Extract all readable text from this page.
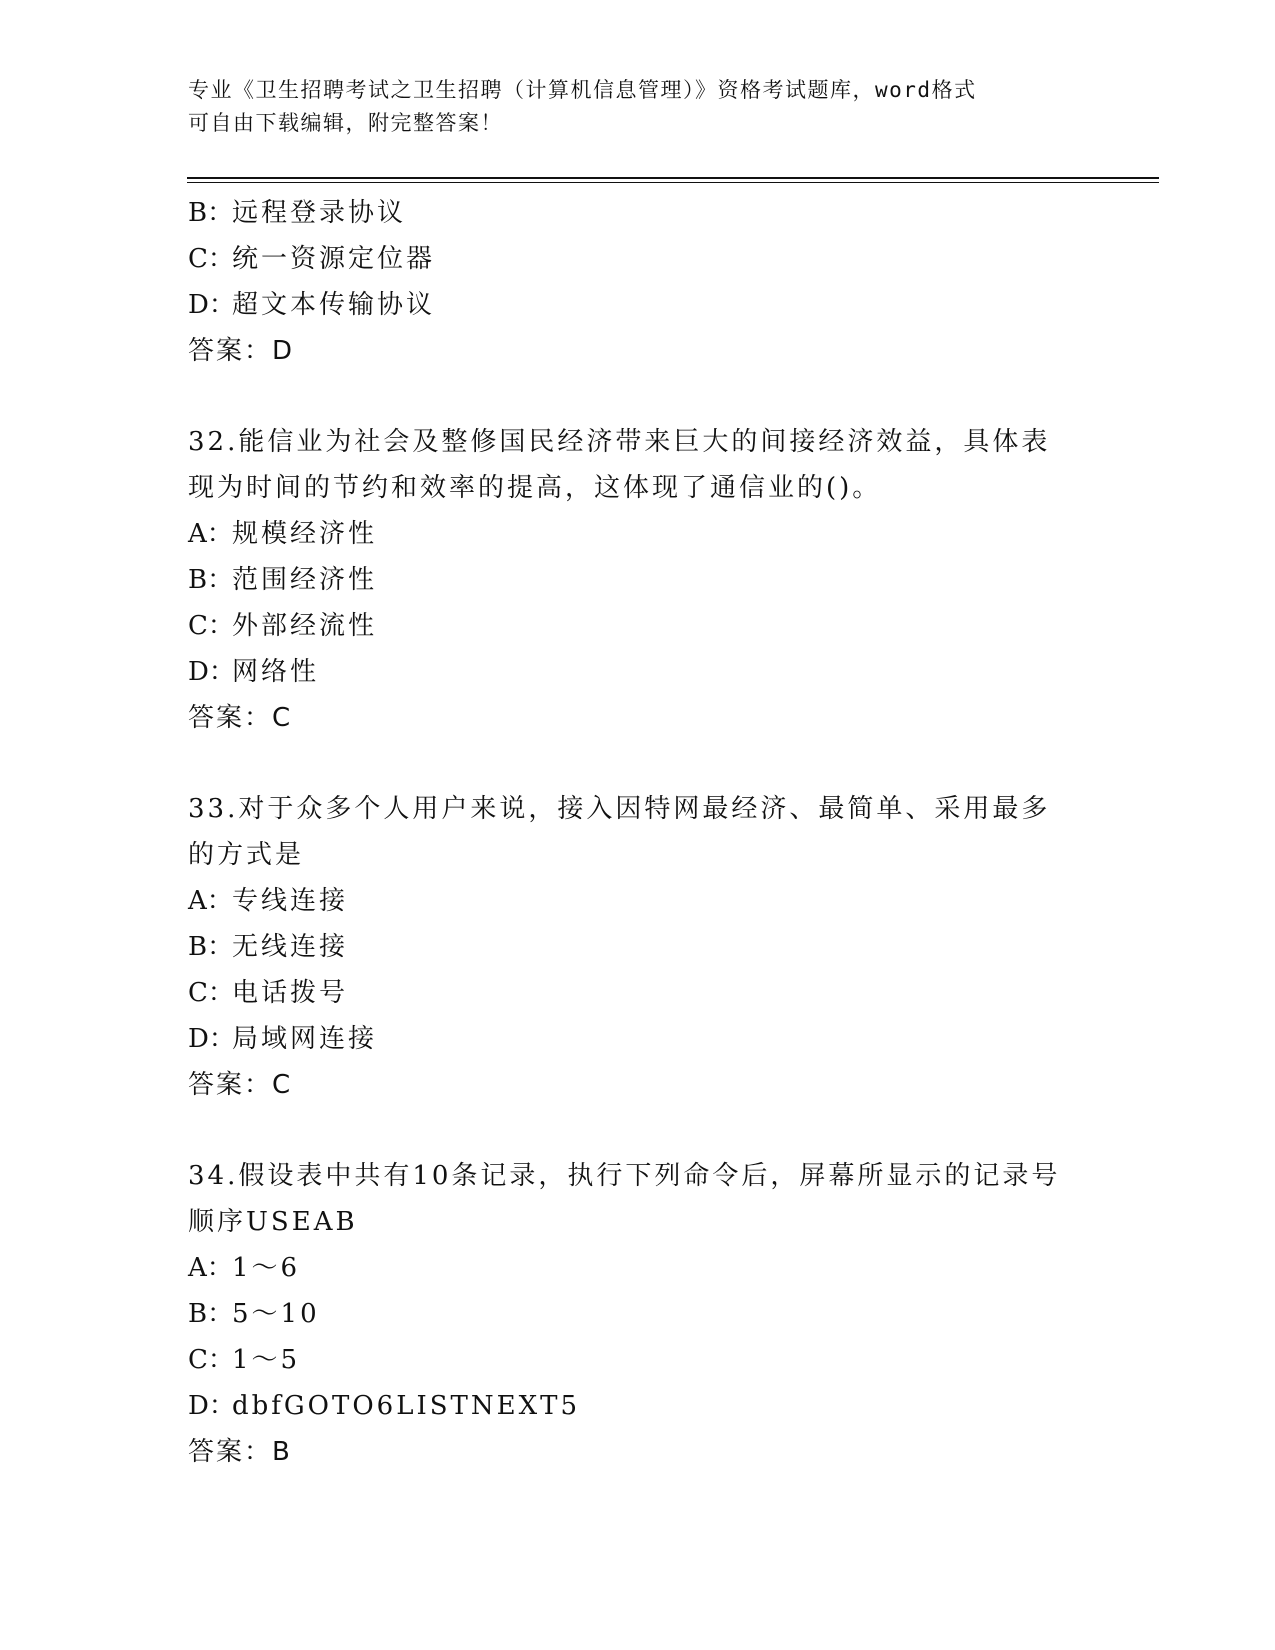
专业《卫生招聘考试之卫生招聘（计算机信息管理）》资格考试题库，word格式
可自由下载编辑，附完整答案！
B：远程登录协议
C：统一资源定位器
D：超文本传输协议
答案：D
32.能信业为社会及整修国民经济带来巨大的间接经济效益，具体表现为时间的节约和效率的提高，这体现了通信业的()。
A：规模经济性
B：范围经济性
C：外部经流性
D：网络性
答案：C
33.对于众多个人用户来说，接入因特网最经济、最简单、采用最多的方式是
A：专线连接
B：无线连接
C：电话拨号
D：局域网连接
答案：C
34.假设表中共有10条记录，执行下列命令后，屏幕所显示的记录号顺序USEAB
A：1～6
B：5～10
C：1～5
D：dbfGOTO6LISTNEXT5
答案：B
